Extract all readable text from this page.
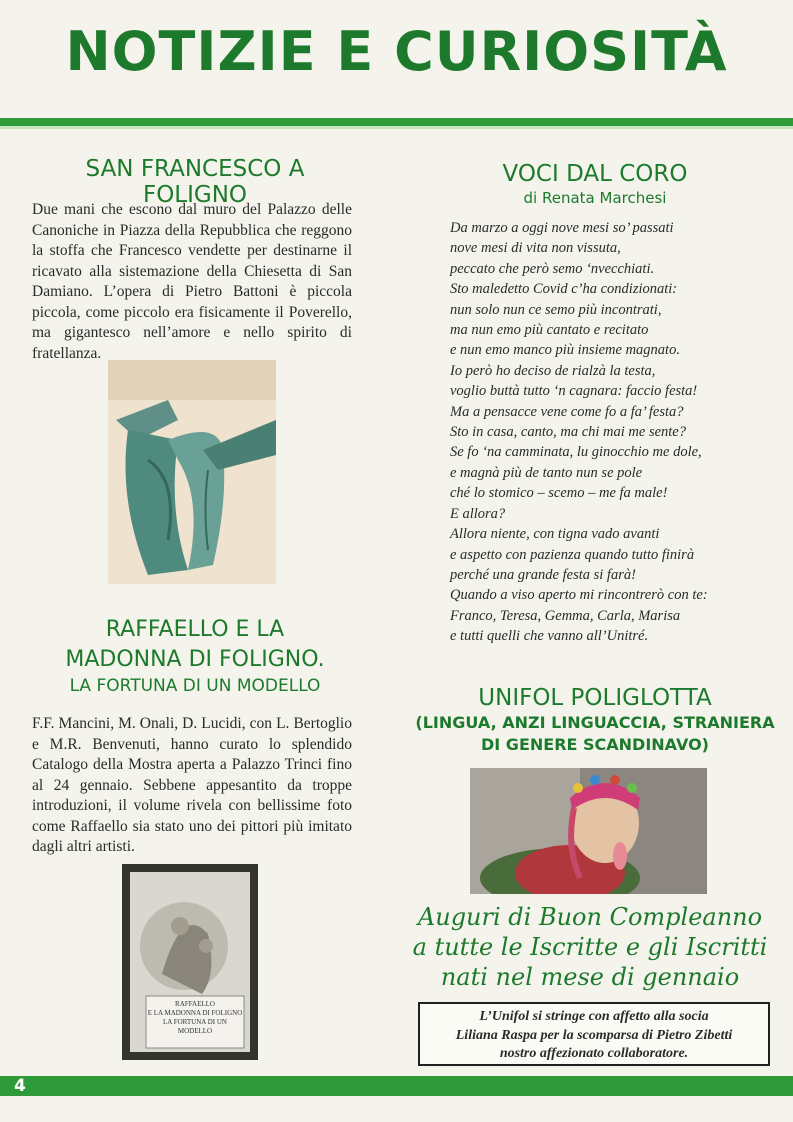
NOTIZIE E CURIOSITÀ
SAN FRANCESCO A FOLIGNO

Due mani che escono dal muro del Palazzo delle Canoniche in Piazza della Repubblica che reggono la stoffa che Francesco vendette per destinarne il ricavato alla sistemazione della Chiesetta di San Damiano. L’opera di Pietro Battoni è piccola piccola, come piccolo era fisicamente il Poverello, ma gigantesco nell’amore e nello spirito di fratellanza.

RAFFAELLO E LA
MADONNA DI FOLIGNO.
LA FORTUNA DI UN MODELLO

F.F. Mancini, M. Onali, D. Lucidi, con L. Bertoglio e M.R. Benvenuti, hanno curato lo splendido Catalogo della Mostra aperta a Palazzo Trinci fino al 24 gennaio. Sebbene appesantito da troppe introduzioni, il volume rivela con bellissime foto come Raffaello sia stato uno dei pittori più imitato dagli altri artisti.

RAFFAELLO
E LA MADONNA DI FOLIGNO
LA FORTUNA DI UN MODELLO
VOCI DAL CORO
di Renata Marchesi
Da marzo a oggi nove mesi so’ passati
nove mesi di vita non vissuta,
peccato che però semo ‘nvecchiati.
Sto maledetto Covid c’ha condizionati:
nun solo nun ce semo più incontrati,
ma nun emo più cantato e recitato
e nun emo manco più insieme magnato.
Io però ho deciso de rialzà la testa,
voglio buttà tutto ‘n cagnara: faccio festa!
Ma a pensacce vene come fo a fa’ festa?
Sto in casa, canto, ma chi mai me sente?
Se fo ‘na camminata, lu ginocchio me dole,
e magnà più de tanto nun se pole
ché lo stomico – scemo – me fa male!
E allora?
Allora niente, con tigna vado avanti
e aspetto con pazienza quando tutto finirà
perché una grande festa si farà!
Quando a viso aperto mi rincontrerò con te:
Franco, Teresa, Gemma, Carla, Marisa
e tutti quelli che vanno all’Unitré.
UNIFOL POLIGLOTTA
(LINGUA, ANZI LINGUACCIA, STRANIERA
DI GENERE SCANDINAVO)
Auguri di Buon Compleanno
a tutte le Iscritte e gli Iscritti
nati nel mese di gennaio
L’Unifol si stringe con affetto alla socia
Liliana Raspa per la scomparsa di Pietro Zibetti
nostro affezionato collaboratore.
4
